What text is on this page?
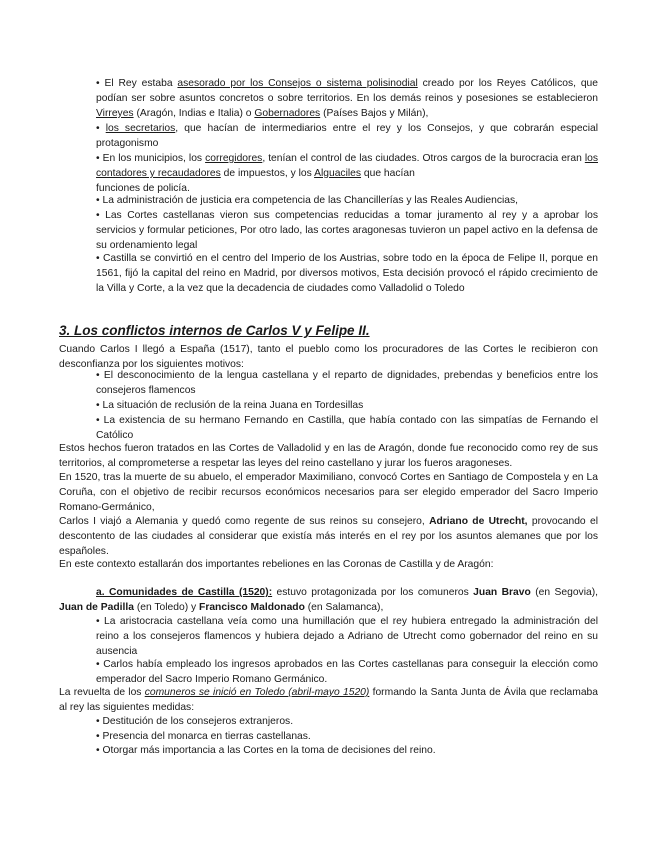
• El Rey estaba asesorado por los Consejos o sistema polisinodial creado por los Reyes Católicos, que podían ser sobre asuntos concretos o sobre territorios. En los demás reinos y posesiones se establecieron Virreyes (Aragón, Indias e Italia) o Gobernadores (Países Bajos y Milán),

• los secretarios, que hacían de intermediarios entre el rey y los Consejos, y que cobrarán especial protagonismo

• En los municipios, los corregidores, tenían el control de las ciudades. Otros cargos de la burocracia eran los contadores y recaudadores de impuestos, y los Alguaciles que hacían
funciones de policía.

• La administración de justicia era competencia de las Chancillerías y las Reales Audiencias,

• Las Cortes castellanas vieron sus competencias reducidas a tomar juramento al rey y a aprobar los servicios y formular peticiones, Por otro lado, las cortes aragonesas tuvieron un papel activo en la defensa de su ordenamiento legal

• Castilla se convirtió en el centro del Imperio de los Austrias, sobre todo en la época de Felipe II, porque en 1561, fijó la capital del reino en Madrid, por diversos motivos, Esta decisión provocó el rápido crecimiento de la Villa y Corte, a la vez que la decadencia de ciudades como Valladolid o Toledo

3. Los conflictos internos de Carlos V y Felipe II.

Cuando Carlos I llegó a España (1517), tanto el pueblo como los procuradores de las Cortes le recibieron con desconfianza por los siguientes motivos:

• El desconocimiento de la lengua castellana y el reparto de dignidades, prebendas y beneficios entre los consejeros flamencos

• La situación de reclusión de la reina Juana en Tordesillas

• La existencia de su hermano Fernando en Castilla, que había contado con las simpatías de Fernando el Católico

Estos hechos fueron tratados en las Cortes de Valladolid y en las de Aragón, donde fue reconocido como rey de sus territorios, al comprometerse a respetar las leyes del reino castellano y jurar los fueros aragoneses.

En 1520, tras la muerte de su abuelo, el emperador Maximiliano, convocó Cortes en Santiago de Compostela y en La Coruña, con el objetivo de recibir recursos económicos necesarios para ser elegido emperador del Sacro Imperio Romano-Germánico,

Carlos I viajó a Alemania y quedó como regente de sus reinos su consejero, Adriano de Utrecht, provocando el descontento de las ciudades al considerar que existía más interés en el rey por los asuntos alemanes que por los españoles.

En este contexto estallarán dos importantes rebeliones en las Coronas de Castilla y de Aragón:

a. Comunidades de Castilla (1520): estuvo protagonizada por los comuneros Juan Bravo (en Segovia), Juan de Padilla (en Toledo) y Francisco Maldonado (en Salamanca),

• La aristocracia castellana veía como una humillación que el rey hubiera entregado la administración del reino a los consejeros flamencos y hubiera dejado a Adriano de Utrecht como gobernador del reino en su ausencia

• Carlos había empleado los ingresos aprobados en las Cortes castellanas para conseguir la elección como emperador del Sacro Imperio Romano Germánico.

La revuelta de los comuneros se inició en Toledo (abril-mayo 1520) formando la Santa Junta de Ávila que reclamaba al rey las siguientes medidas:

• Destitución de los consejeros extranjeros.

• Presencia del monarca en tierras castellanas.

• Otorgar más importancia a las Cortes en la toma de decisiones del reino.
